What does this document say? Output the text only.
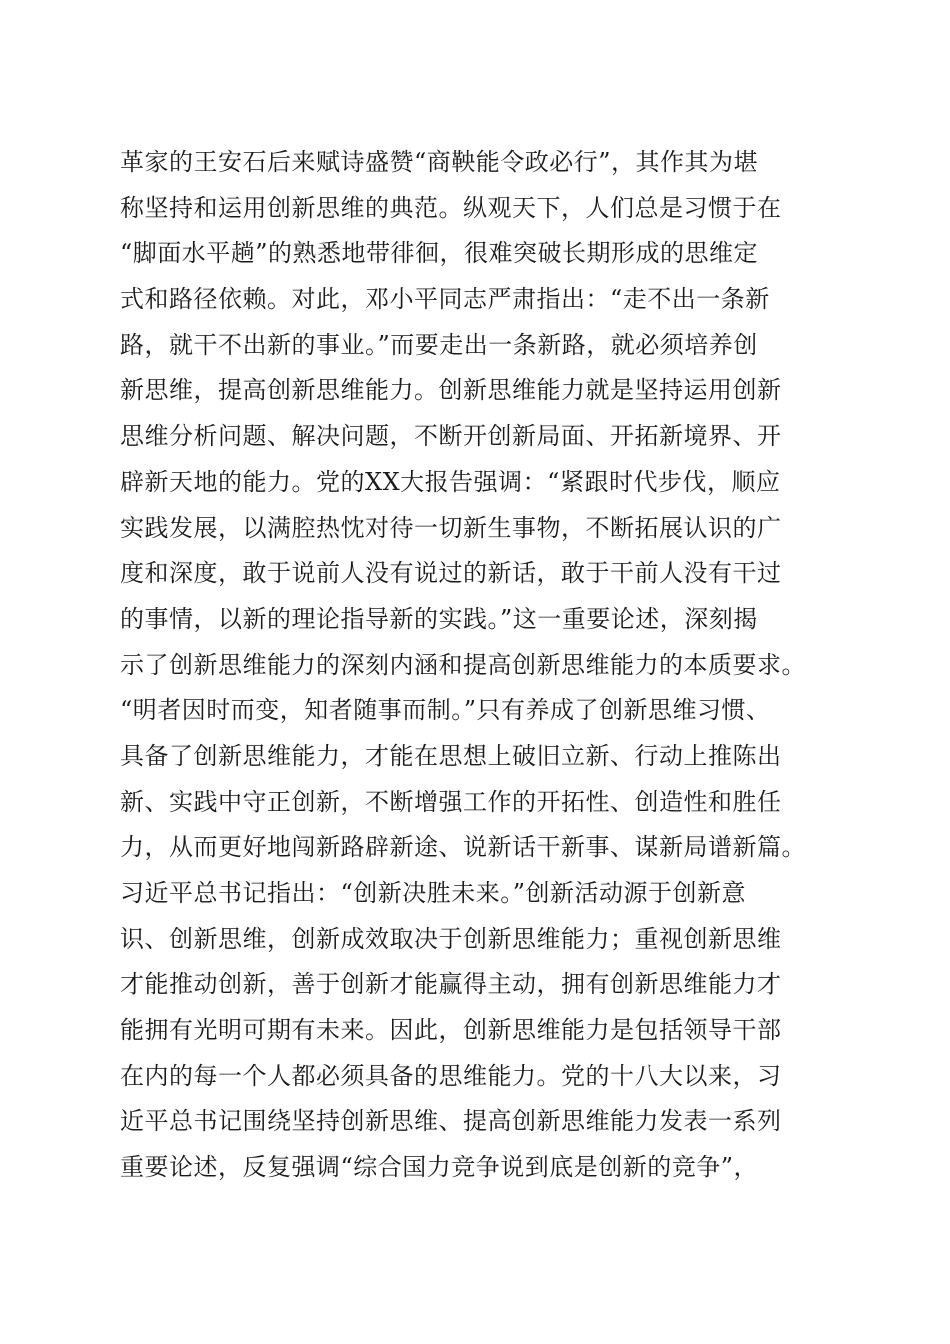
革家的王安石后来赋诗盛赞“商鞅能令政必行”，其作其为堪
称坚持和运用创新思维的典范。纵观天下，人们总是习惯于在
“脚面水平趟”的熟悉地带徘徊，很难突破长期形成的思维定
式和路径依赖。对此，邓小平同志严肃指出：“走不出一条新
路，就干不出新的事业。”而要走出一条新路，就必须培养创
新思维，提高创新思维能力。创新思维能力就是坚持运用创新
思维分析问题、解决问题，不断开创新局面、开拓新境界、开
辟新天地的能力。党的XX大报告强调：“紧跟时代步伐，顺应
实践发展，以满腔热忱对待一切新生事物，不断拓展认识的广
度和深度，敢于说前人没有说过的新话，敢于干前人没有干过
的事情，以新的理论指导新的实践。”这一重要论述，深刻揭
示了创新思维能力的深刻内涵和提高创新思维能力的本质要求。
“明者因时而变，知者随事而制。”只有养成了创新思维习惯、
具备了创新思维能力，才能在思想上破旧立新、行动上推陈出
新、实践中守正创新，不断增强工作的开拓性、创造性和胜任
力，从而更好地闯新路辟新途、说新话干新事、谋新局谱新篇。
习近平总书记指出：“创新决胜未来。”创新活动源于创新意
识、创新思维，创新成效取决于创新思维能力；重视创新思维
才能推动创新，善于创新才能赢得主动，拥有创新思维能力才
能拥有光明可期有未来。因此，创新思维能力是包括领导干部
在内的每一个人都必须具备的思维能力。党的十八大以来，习
近平总书记围绕坚持创新思维、提高创新思维能力发表一系列
重要论述，反复强调“综合国力竞争说到底是创新的竞争”，
